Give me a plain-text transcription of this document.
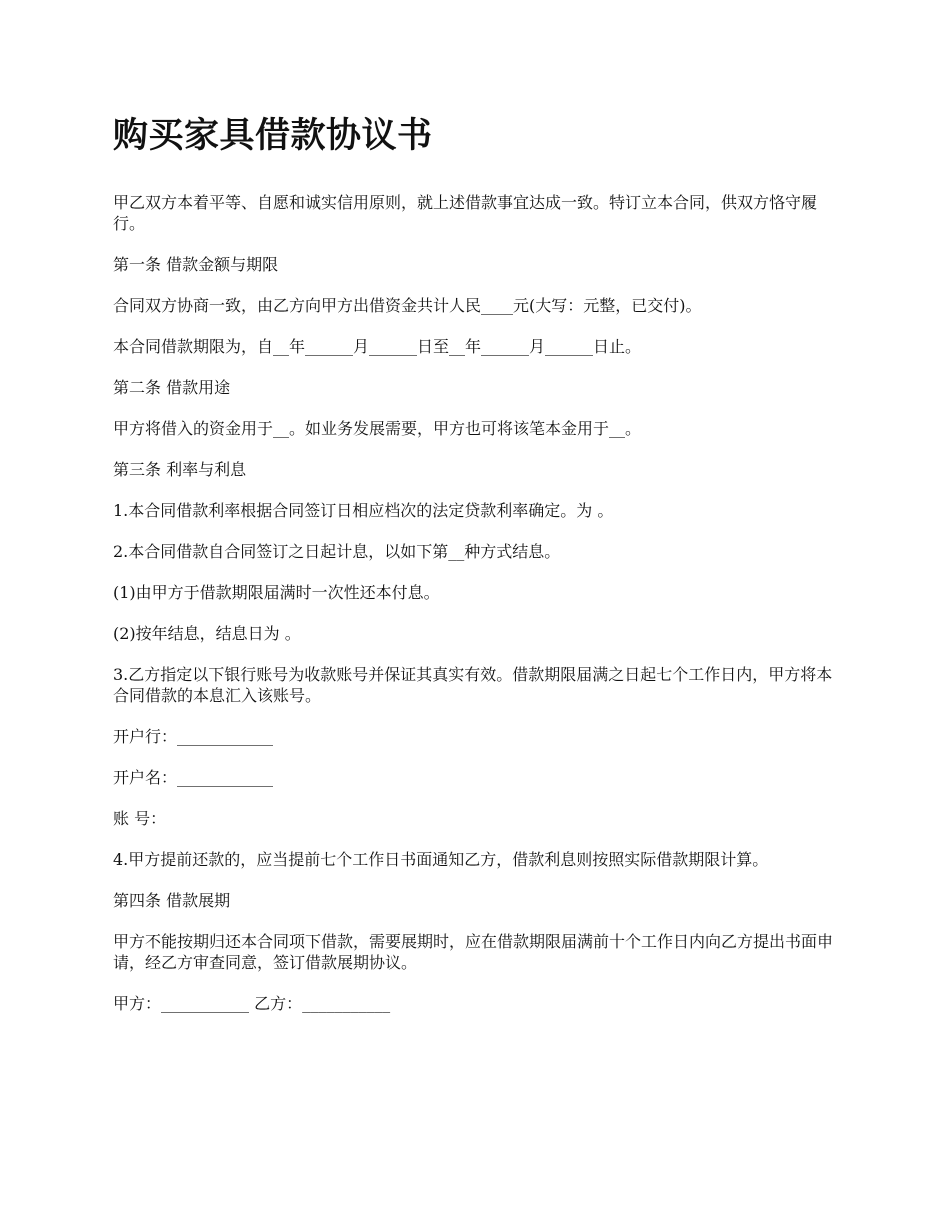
购买家具借款协议书

甲乙双方本着平等、自愿和诚实信用原则，就上述借款事宜达成一致。特订立本合同，供双方恪守履行。

第一条 借款金额与期限

合同双方协商一致，由乙方向甲方出借资金共计人民____元(大写：元整，已交付)。

本合同借款期限为，自__年______月______日至__年______月______日止。

第二条 借款用途

甲方将借入的资金用于__。如业务发展需要，甲方也可将该笔本金用于__。

第三条 利率与利息

1.本合同借款利率根据合同签订日相应档次的法定贷款利率确定。为 。

2.本合同借款自合同签订之日起计息，以如下第__种方式结息。

(1)由甲方于借款期限届满时一次性还本付息。

(2)按年结息，结息日为 。

3.乙方指定以下银行账号为收款账号并保证其真实有效。借款期限届满之日起七个工作日内，甲方将本合同借款的本息汇入该账号。

开户行：____________

开户名：____________

账 号：

4.甲方提前还款的，应当提前七个工作日书面通知乙方，借款利息则按照实际借款期限计算。

第四条 借款展期

甲方不能按期归还本合同项下借款，需要展期时，应在借款期限届满前十个工作日内向乙方提出书面申请，经乙方审查同意，签订借款展期协议。

甲方：___________ 乙方：___________
